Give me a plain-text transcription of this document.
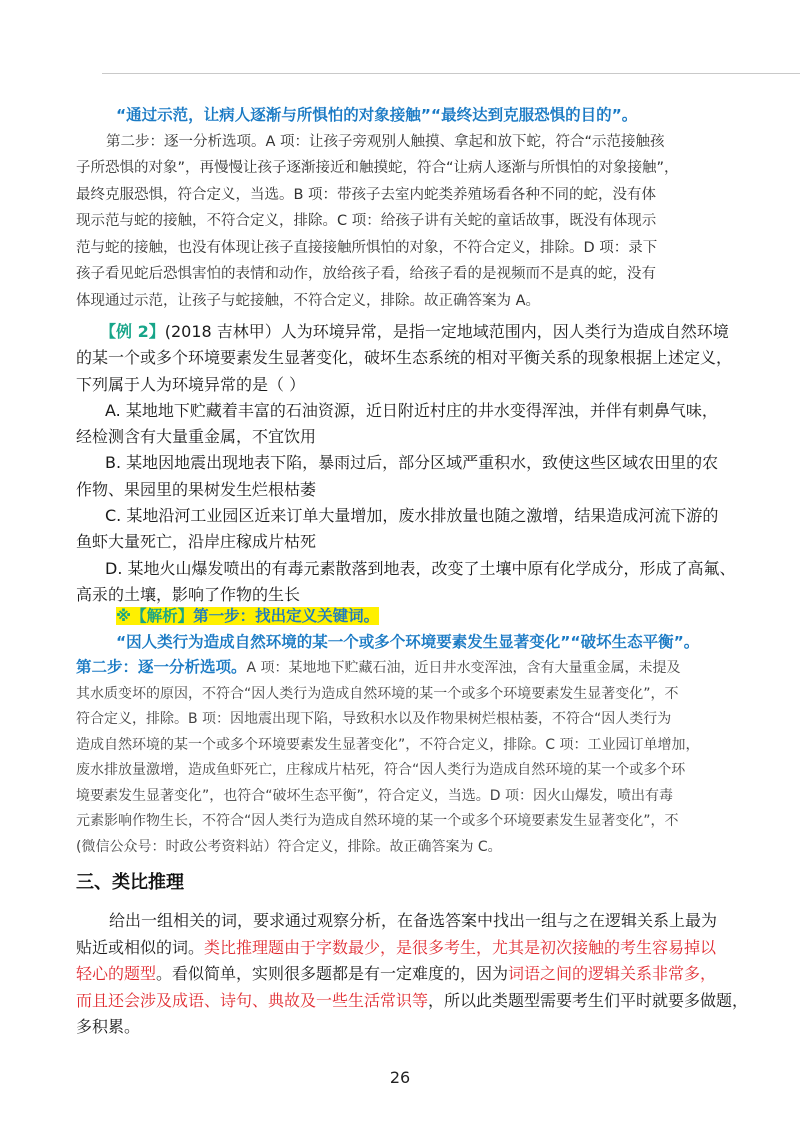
“通过示范，让病人逐渐与所惧怕的对象接触”“最终达到克服恐惧的目的”。
第二步：逐一分析选项。A 项：让孩子旁观别人触摸、拿起和放下蛇，符合“示范接触孩
子所恐惧的对象”，再慢慢让孩子逐渐接近和触摸蛇，符合“让病人逐渐与所惧怕的对象接触”，
最终克服恐惧，符合定义，当选。B 项：带孩子去室内蛇类养殖场看各种不同的蛇，没有体
现示范与蛇的接触，不符合定义，排除。C 项：给孩子讲有关蛇的童话故事，既没有体现示
范与蛇的接触，也没有体现让孩子直接接触所惧怕的对象，不符合定义，排除。D 项：录下
孩子看见蛇后恐惧害怕的表情和动作，放给孩子看，给孩子看的是视频而不是真的蛇，没有
体现通过示范，让孩子与蛇接触，不符合定义，排除。故正确答案为 A。
【例 2】(2018 吉林甲）人为环境异常，是指一定地域范围内，因人类行为造成自然环境
的某一个或多个环境要素发生显著变化，破坏生态系统的相对平衡关系的现象根据上述定义，
下列属于人为环境异常的是（ ）
A. 某地地下贮藏着丰富的石油资源，近日附近村庄的井水变得浑浊，并伴有刺鼻气味，
经检测含有大量重金属，不宜饮用
B. 某地因地震出现地表下陷，暴雨过后，部分区域严重积水，致使这些区域农田里的农
作物、果园里的果树发生烂根枯萎
C. 某地沿河工业园区近来订单大量增加，废水排放量也随之激增，结果造成河流下游的
鱼虾大量死亡，沿岸庄稼成片枯死
D. 某地火山爆发喷出的有毒元素散落到地表，改变了土壤中原有化学成分，形成了高氟、
高汞的土壤，影响了作物的生长
※【解析】第一步：找出定义关键词。
“因人类行为造成自然环境的某一个或多个环境要素发生显著变化”“破坏生态平衡”。
第二步：逐一分析选项。A 项：某地地下贮藏石油，近日井水变浑浊，含有大量重金属，未提及
其水质变坏的原因，不符合“因人类行为造成自然环境的某一个或多个环境要素发生显著变化”，不
符合定义，排除。B 项：因地震出现下陷，导致积水以及作物果树烂根枯萎，不符合“因人类行为
造成自然环境的某一个或多个环境要素发生显著变化”，不符合定义，排除。C 项：工业园订单增加，
废水排放量激增，造成鱼虾死亡，庄稼成片枯死，符合“因人类行为造成自然环境的某一个或多个环
境要素发生显著变化”，也符合“破坏生态平衡”，符合定义，当选。D 项：因火山爆发，喷出有毒
元素影响作物生长，不符合“因人类行为造成自然环境的某一个或多个环境要素发生显著变化”，不
(微信公众号：时政公考资料站）符合定义，排除。故正确答案为 C。
三、类比推理
给出一组相关的词，要求通过观察分析，在备选答案中找出一组与之在逻辑关系上最为
贴近或相似的词。类比推理题由于字数最少，是很多考生，尤其是初次接触的考生容易掉以
轻心的题型。看似简单，实则很多题都是有一定难度的，因为词语之间的逻辑关系非常多，
而且还会涉及成语、诗句、典故及一些生活常识等，所以此类题型需要考生们平时就要多做题，
多积累。
26
